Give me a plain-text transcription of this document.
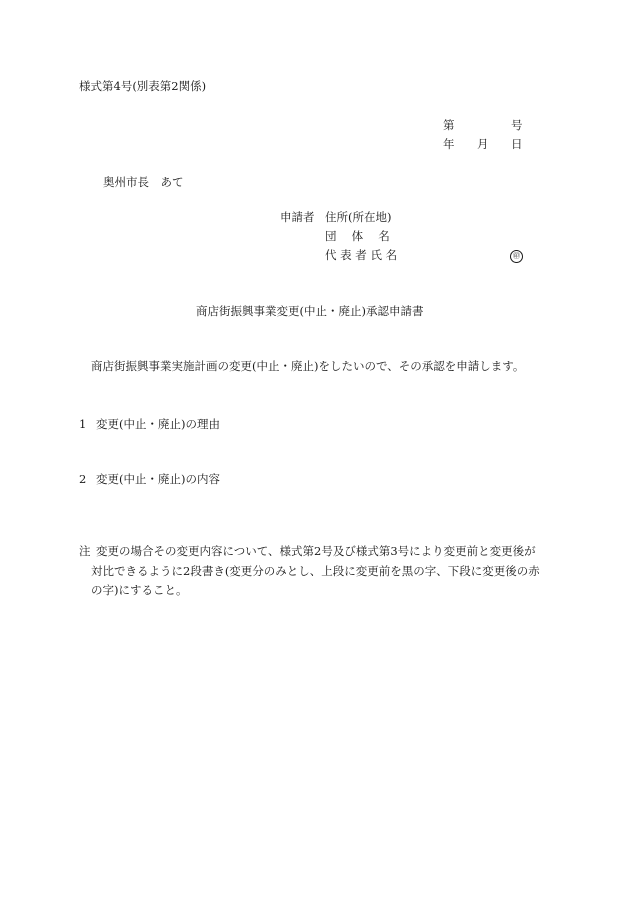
様式第4号(別表第2関係)
第	号
年 月 日
奥州市長　あて
申請者 住所(所在地)
団　 体　 名
代 表 者 氏 名	㊞
商店街振興事業変更(中止・廃止)承認申請書
商店街振興事業実施計画の変更(中止・廃止)をしたいので、その承認を申請します。
1 変更(中止・廃止)の理由
2 変更(中止・廃止)の内容
注 変更の場合その変更内容について、様式第2号及び様式第3号により変更前と変更後が
対比できるように2段書き(変更分のみとし、上段に変更前を黒の字、下段に変更後の赤
の字)にすること。
